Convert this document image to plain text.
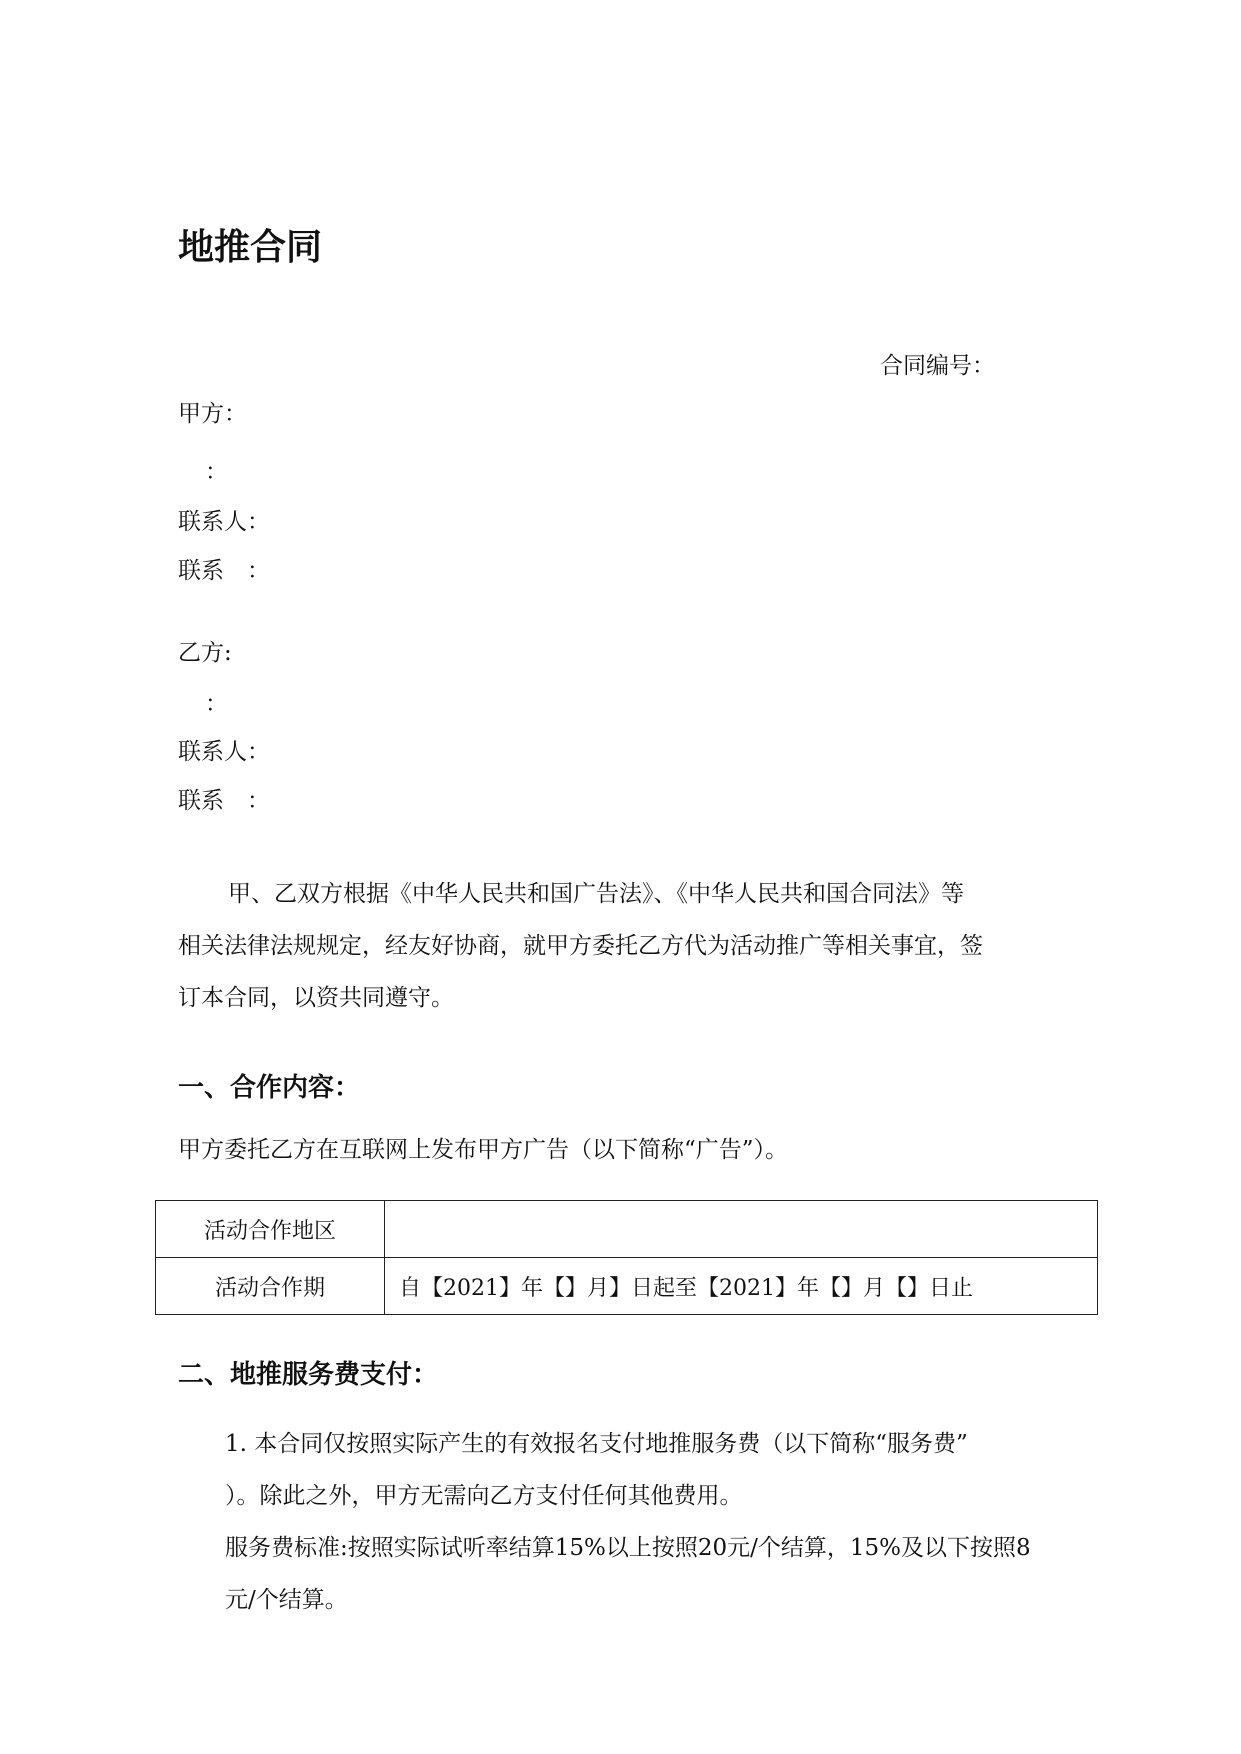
地推合同
合同编号：
甲方：
：
联系人：
联系　：
乙方:
：
联系人：
联系　：
甲、乙双方根据《中华人民共和国广告法》、《中华人民共和国合同法》等
相关法律法规规定，经友好协商，就甲方委托乙方代为活动推广等相关事宜，签
订本合同，以资共同遵守。
一、合作内容：
甲方委托乙方在互联网上发布甲方广告（以下简称“广告”）。
活动合作地区	
活动合作期	自【2021】年【】月】日起至【2021】年【】月【】日止
二、地推服务费支付：
1. 本合同仅按照实际产生的有效报名支付地推服务费（以下简称“服务费”
）。除此之外，甲方无需向乙方支付任何其他费用。
服务费标准:按照实际试听率结算15%以上按照20元/个结算，15%及以下按照8
元/个结算。
